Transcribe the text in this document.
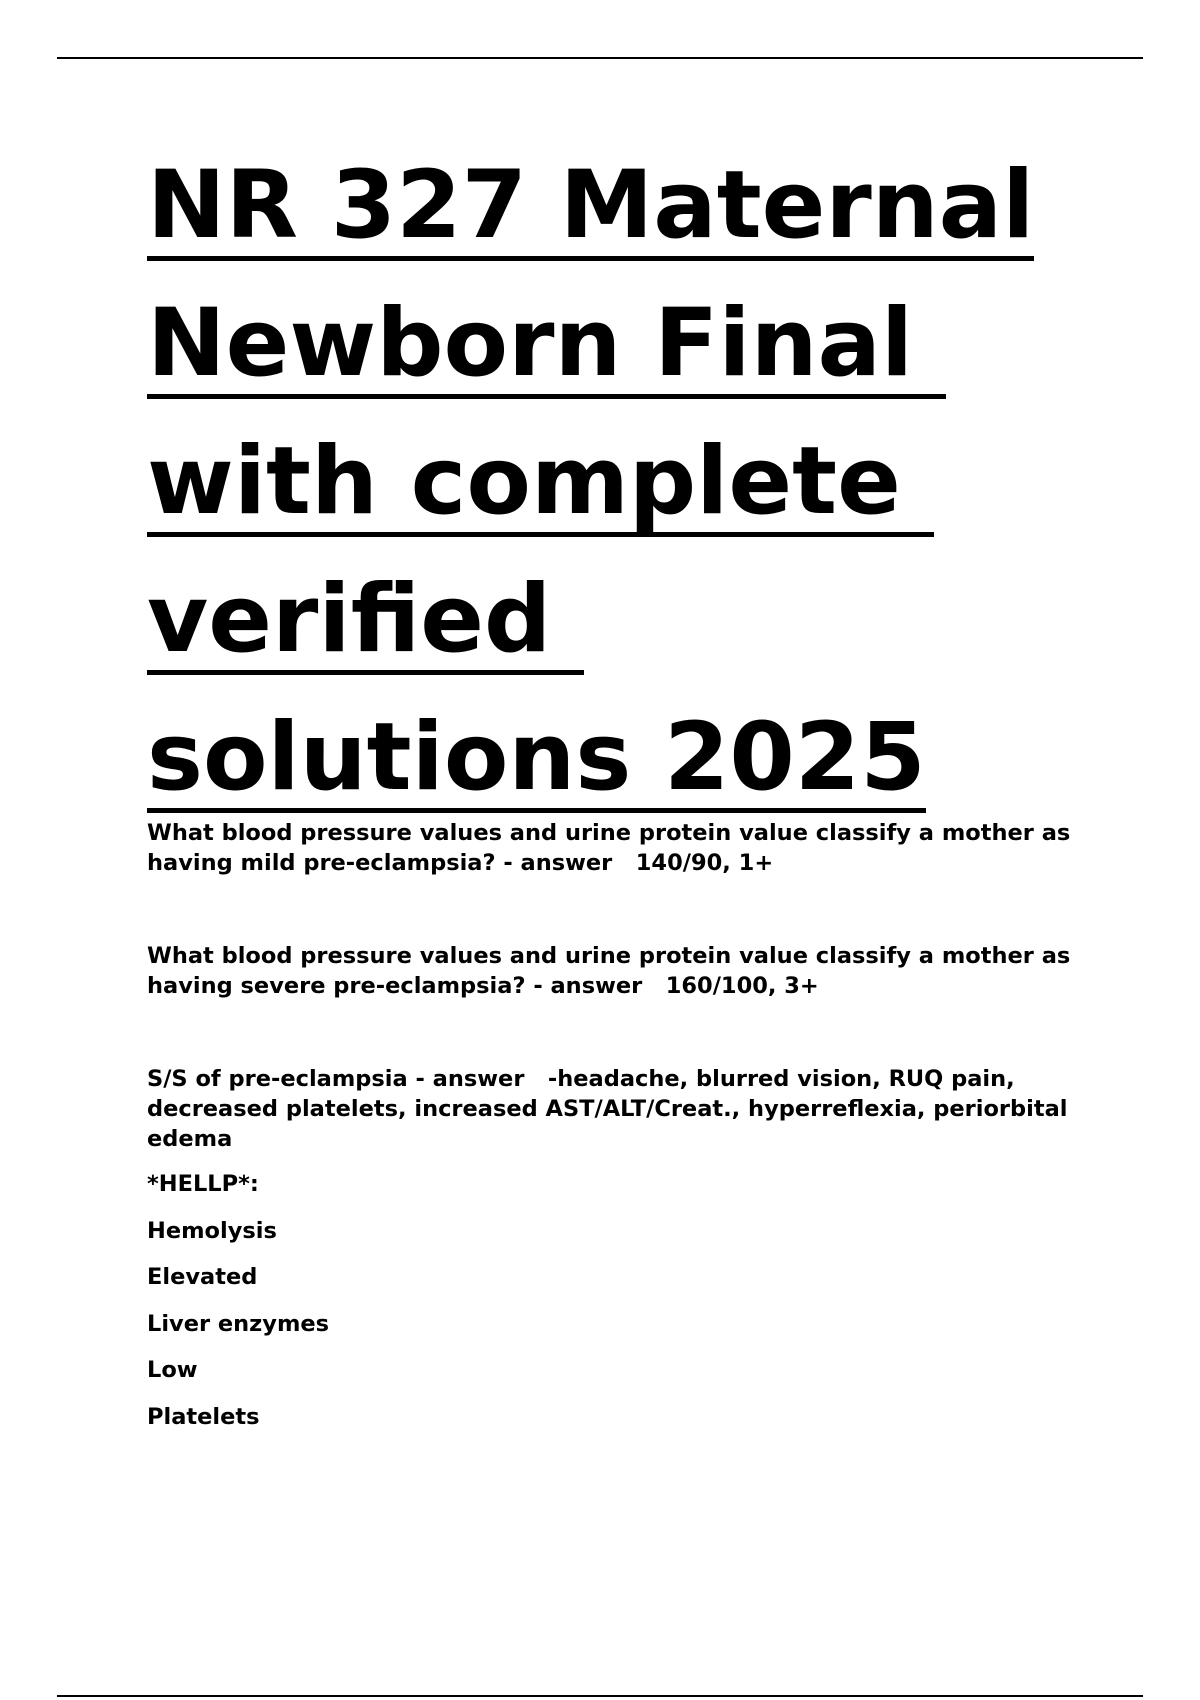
NR 327 Maternal
Newborn Final
with complete
verified
solutions 2025

What blood pressure values and urine protein value classify a mother as having mild pre-eclampsia? - answer 140/90, 1+

What blood pressure values and urine protein value classify a mother as having severe pre-eclampsia? - answer 160/100, 3+

S/S of pre-eclampsia - answer -headache, blurred vision, RUQ pain, decreased platelets, increased AST/ALT/Creat., hyperreflexia, periorbital edema

*HELLP*:

Hemolysis

Elevated

Liver enzymes

Low

Platelets
